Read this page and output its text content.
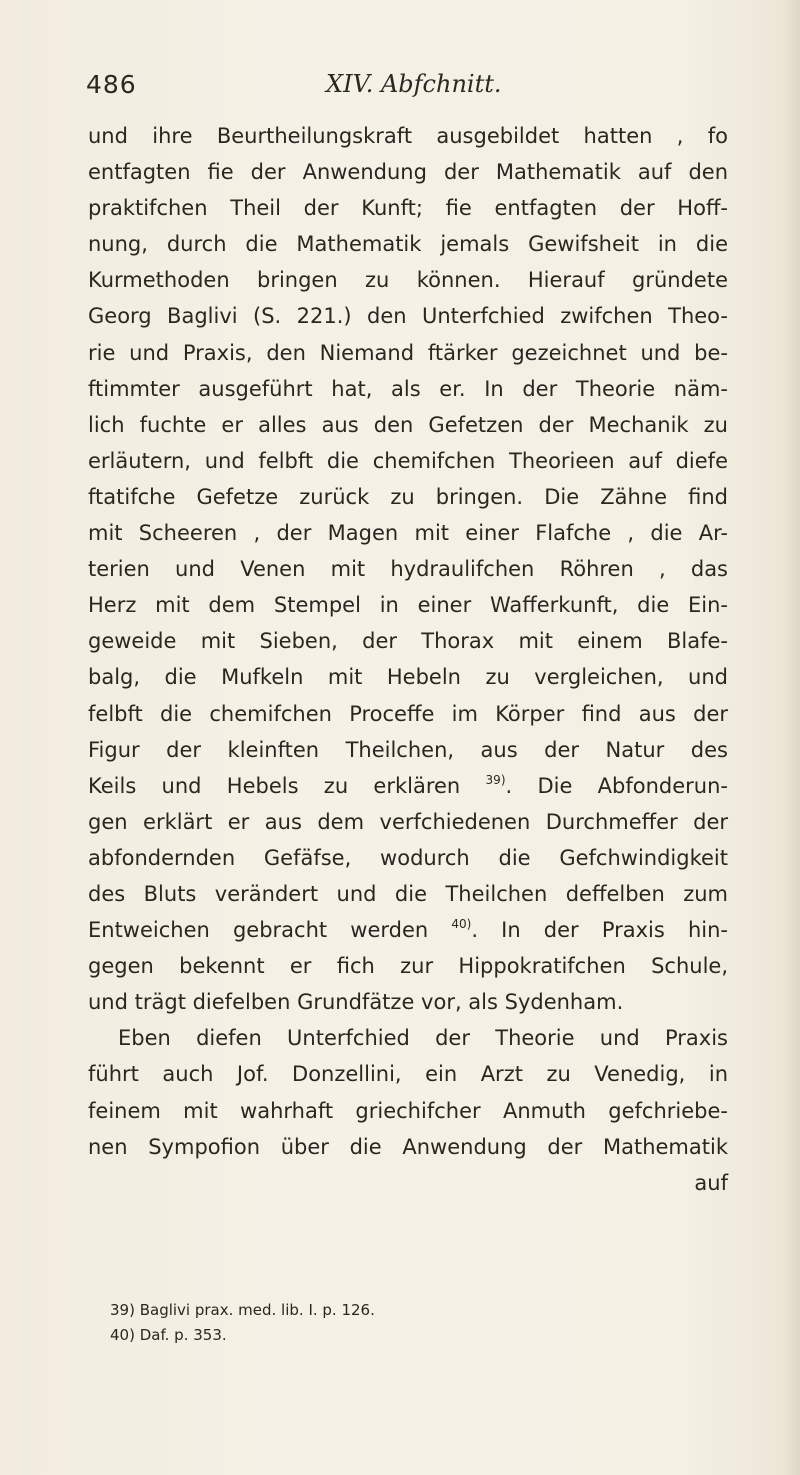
486	XIV. Abfchnitt.
und ihre Beurtheilungskraft ausgebildet hatten , fo
entfagten fie der Anwendung der Mathematik auf den
praktifchen Theil der Kunft; fie entfagten der Hoff-
nung, durch die Mathematik jemals Gewifsheit in die
Kurmethoden bringen zu können. Hierauf gründete
Georg Baglivi (S. 221.) den Unterfchied zwifchen Theo-
rie und Praxis, den Niemand ftärker gezeichnet und be-
ftimmter ausgeführt hat, als er. In der Theorie näm-
lich fuchte er alles aus den Gefetzen der Mechanik zu
erläutern, und felbft die chemifchen Theorieen auf diefe
ftatifche Gefetze zurück zu bringen. Die Zähne find
mit Scheeren , der Magen mit einer Flafche , die Ar-
terien und Venen mit hydraulifchen Röhren , das
Herz mit dem Stempel in einer Wafferkunft, die Ein-
geweide mit Sieben, der Thorax mit einem Blafe-
balg, die Mufkeln mit Hebeln zu vergleichen, und
felbft die chemifchen Proceffe im Körper find aus der
Figur der kleinften Theilchen, aus der Natur des
Keils und Hebels zu erklären $^{39)}$. Die Abfonderun-
gen erklärt er aus dem verfchiedenen Durchmeffer der
abfondernden Gefäfse, wodurch die Gefchwindigkeit
des Bluts verändert und die Theilchen deffelben zum
Entweichen gebracht werden $^{40)}$. In der Praxis hin-
gegen bekennt er fich zur Hippokratifchen Schule,
und trägt diefelben Grundfätze vor, als Sydenham.
Eben diefen Unterfchied der Theorie und Praxis
führt auch Jof. Donzellini, ein Arzt zu Venedig, in
feinem mit wahrhaft griechifcher Anmuth gefchriebe-
nen Sympofion über die Anwendung der Mathematik
auf
39) Baglivi prax. med. lib. I. p. 126.
40) Daf. p. 353.
